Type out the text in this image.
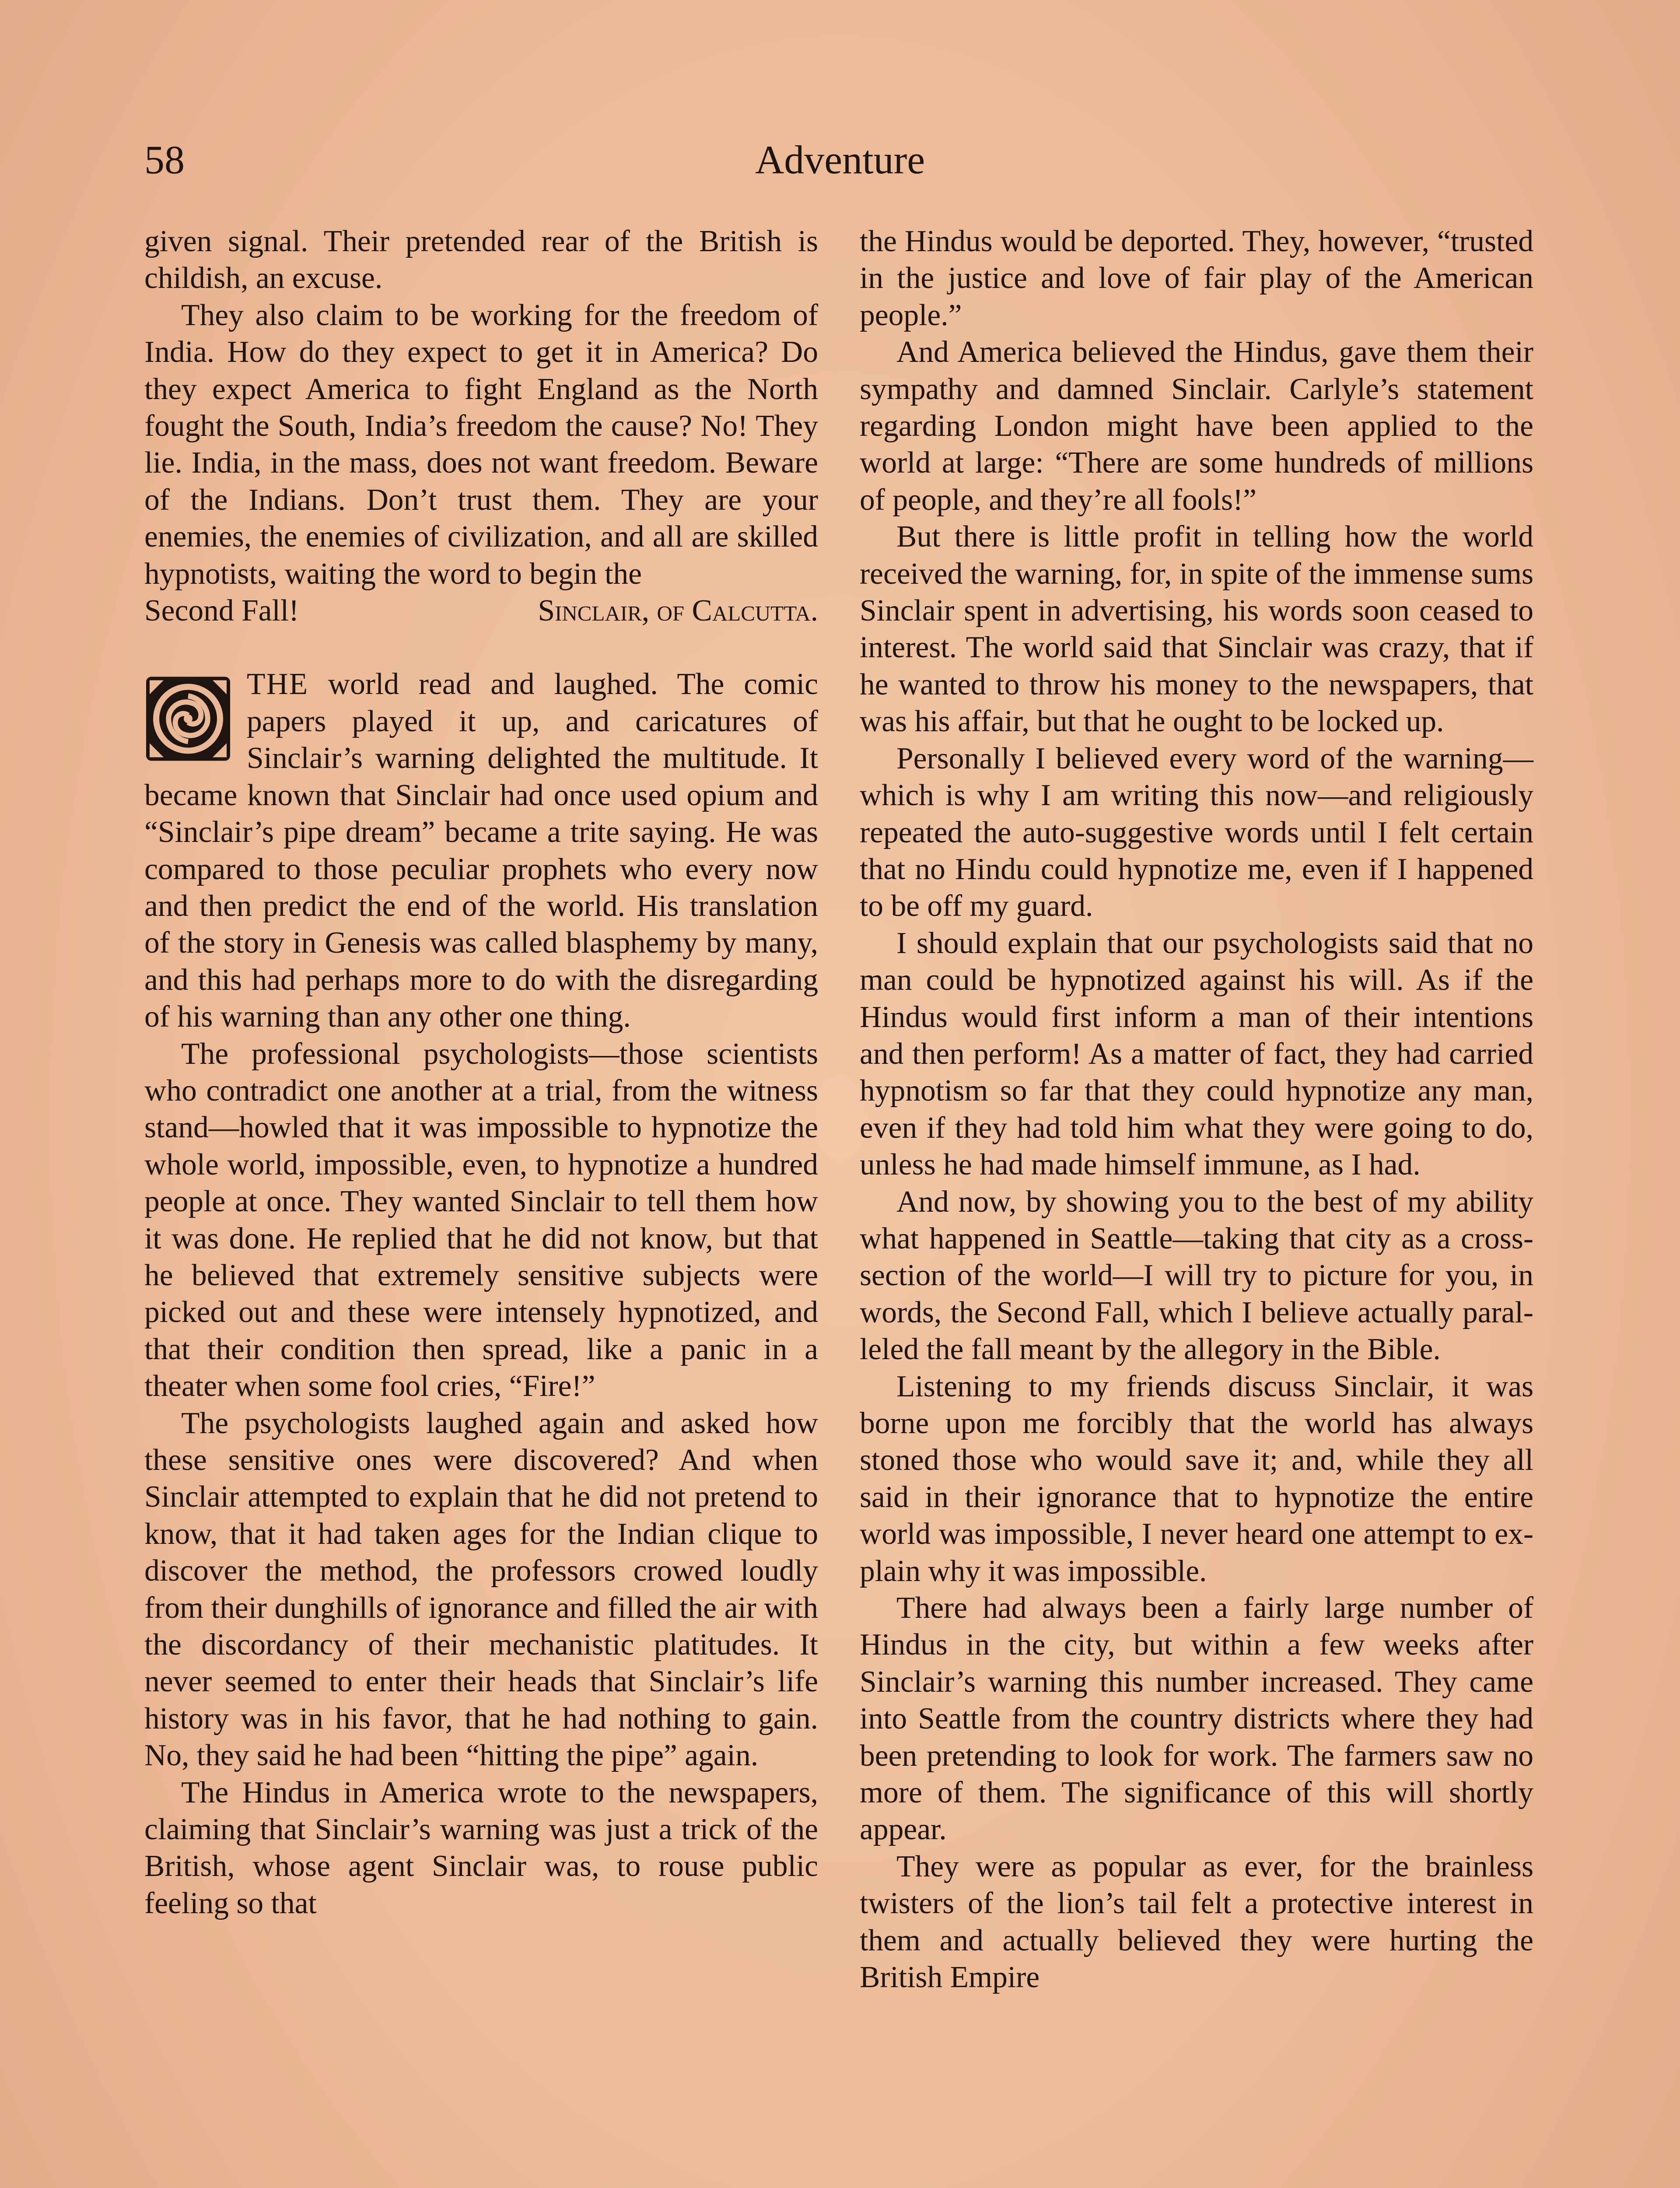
58	Adventure

given signal. Their pretended rear of the British is childish, an excuse.

They also claim to be working for the freedom of India. How do they expect to get it in America? Do they expect America to fight England as the North fought the South, India’s freedom the cause? No! They lie. India, in the mass, does not want freedom. Beware of the Indians. Don’t trust them. They are your enemies, the enemies of civilization, and all are skilled hypnotists, waiting the word to begin the

Second Fall!	Sinclair, of Calcutta.

THE world read and laughed. The comic papers played it up, and caricatures of Sinclair’s warning delighted the multitude. It became known that Sinclair had once used opium and “Sinclair’s pipe dream” became a trite saying. He was compared to those peculiar prophets who every now and then predict the end of the world. His translation of the story in Genesis was called blasphemy by many, and this had perhaps more to do with the disregarding of his warning than any other one thing.

The professional psychologists—those scientists who contradict one another at a trial, from the witness stand—howled that it was impossible to hypnotize the whole world, impossible, even, to hypnotize a hundred people at once. They wanted Sinclair to tell them how it was done. He replied that he did not know, but that he believed that extremely sensitive subjects were picked out and these were intensely hypnotized, and that their condition then spread, like a panic in a theater when some fool cries, “Fire!”

The psychologists laughed again and asked how these sensitive ones were discovered? And when Sinclair attempted to explain that he did not pretend to know, that it had taken ages for the Indian clique to discover the method, the professors crowed loudly from their dunghills of ignorance and filled the air with the discordancy of their mechanistic platitudes. It never seemed to enter their heads that Sinclair’s life history was in his favor, that he had nothing to gain. No, they said he had been “hitting the pipe” again.

The Hindus in America wrote to the newspapers, claiming that Sinclair’s warning was just a trick of the British, whose agent Sinclair was, to rouse public feeling so that

the Hindus would be deported. They, however, “trusted in the justice and love of fair play of the American people.”

And America believed the Hindus, gave them their sympathy and damned Sinclair. Carlyle’s statement regarding London might have been applied to the world at large: “There are some hundreds of millions of people, and they’re all fools!”

But there is little profit in telling how the world received the warning, for, in spite of the immense sums Sinclair spent in advertising, his words soon ceased to interest. The world said that Sinclair was crazy, that if he wanted to throw his money to the newspapers, that was his affair, but that he ought to be locked up.

Personally I believed every word of the warning—which is why I am writing this now—and religiously repeated the auto-suggestive words until I felt certain that no Hindu could hypnotize me, even if I happened to be off my guard.

I should explain that our psychologists said that no man could be hypnotized against his will. As if the Hindus would first inform a man of their intentions and then perform! As a matter of fact, they had carried hypnotism so far that they could hypnotize any man, even if they had told him what they were going to do, unless he had made himself immune, as I had.

And now, by showing you to the best of my ability what happened in Seattle—taking that city as a cross-section of the world—I will try to picture for you, in words, the Second Fall, which I believe actually paralleled the fall meant by the allegory in the Bible.

Listening to my friends discuss Sinclair, it was borne upon me forcibly that the world has always stoned those who would save it; and, while they all said in their ignorance that to hypnotize the entire world was impossible, I never heard one attempt to explain why it was impossible.

There had always been a fairly large number of Hindus in the city, but within a few weeks after Sinclair’s warning this number increased. They came into Seattle from the country districts where they had been pretending to look for work. The farmers saw no more of them. The significance of this will shortly appear.

They were as popular as ever, for the brainless twisters of the lion’s tail felt a protective interest in them and actually believed they were hurting the British Empire
